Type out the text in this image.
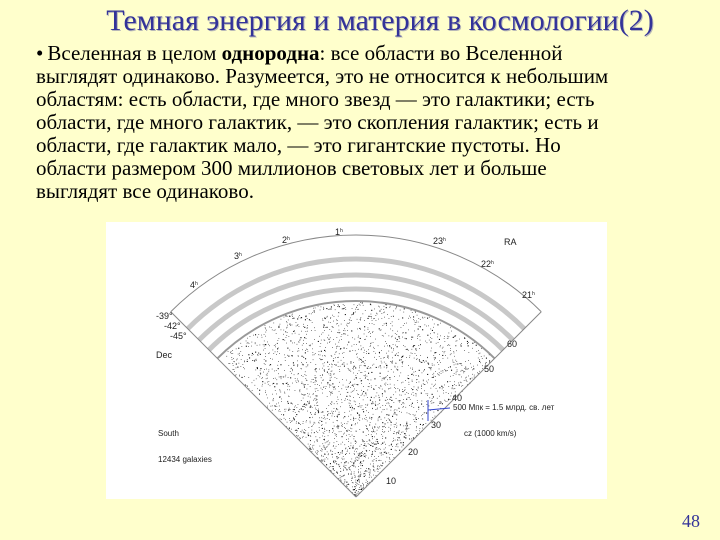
Темная энергия и материя в космологии(2)
• Вселенная в целом однородна: все области во Вселенной
выглядят одинаково. Разумеется, это не относится к небольшим
областям: есть области, где много звезд — это галактики; есть
области, где много галактик, — это скопления галактик; есть и
области, где галактик мало, — это гигантские пустоты. Но
области размером 300 миллионов световых лет и больше
выглядят все одинаково.
1$^h$
2$^h$
3$^h$
4$^h$
23$^h$
22$^h$
21$^h$
RA
-39°
-42°
-45°
Dec
60
50
40
30
20
10
cz (1000 km/s)
500 Мпк = 1.5 млрд. св. лет
South
12434 galaxies
48
